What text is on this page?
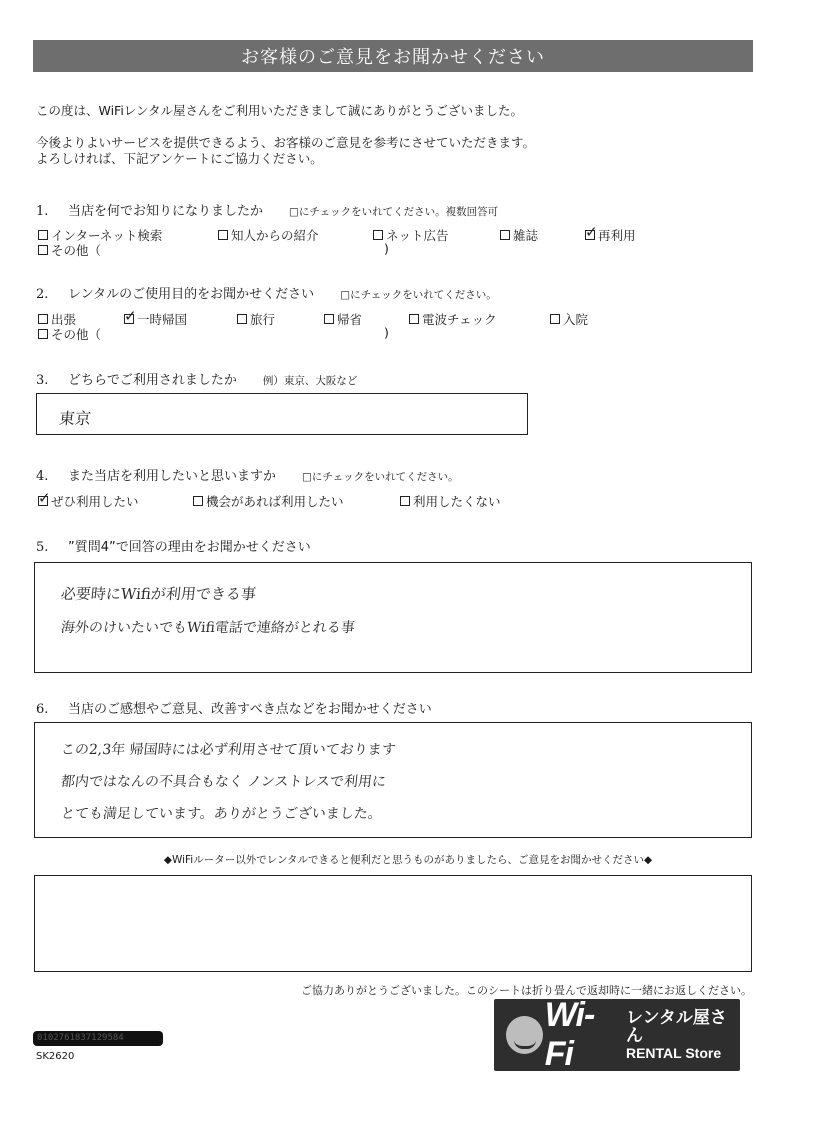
お客様のご意見をお聞かせください
この度は、WiFiレンタル屋さんをご利用いただきまして誠にありがとうございました。
今後よりよいサービスを提供できるよう、お客様のご意見を参考にさせていただきます。
よろしければ、下記アンケートにご協力ください。
1.	当店を何でお知りになりましたか □にチェックをいれてください。複数回答可
インターネット検索	知人からの紹介	ネット広告	雑誌	✓ 再利用
その他（	)
2.	レンタルのご使用目的をお聞かせください □にチェックをいれてください。
出張	✓ 一時帰国	旅行	帰省	電波チェック	入院
その他（	)
3.	どちらでご利用されましたか 例）東京、大阪など
東京
4.	また当店を利用したいと思いますか □にチェックをいれてください。
✓ ぜひ利用したい	機会があれば利用したい	利用したくない
5.	”質問4”で回答の理由をお聞かせください
必要時にWifiが利用できる事
海外のけいたいでもWifi電話で連絡がとれる事
6.	当店のご感想やご意見、改善すべき点などをお聞かせください
この2,3年 帰国時には必ず利用させて頂いております
都内ではなんの不具合もなく ノンストレスで利用に
とても満足しています。ありがとうございました。
◆WiFiルーター以外でレンタルできると便利だと思うものがありましたら、ご意見をお聞かせください◆
ご協力ありがとうございました。このシートは折り畳んで返却時に一緒にお返しください。
0102761837129584
SK2620
Wi-Fi
レンタル屋さん
RENTAL Store
